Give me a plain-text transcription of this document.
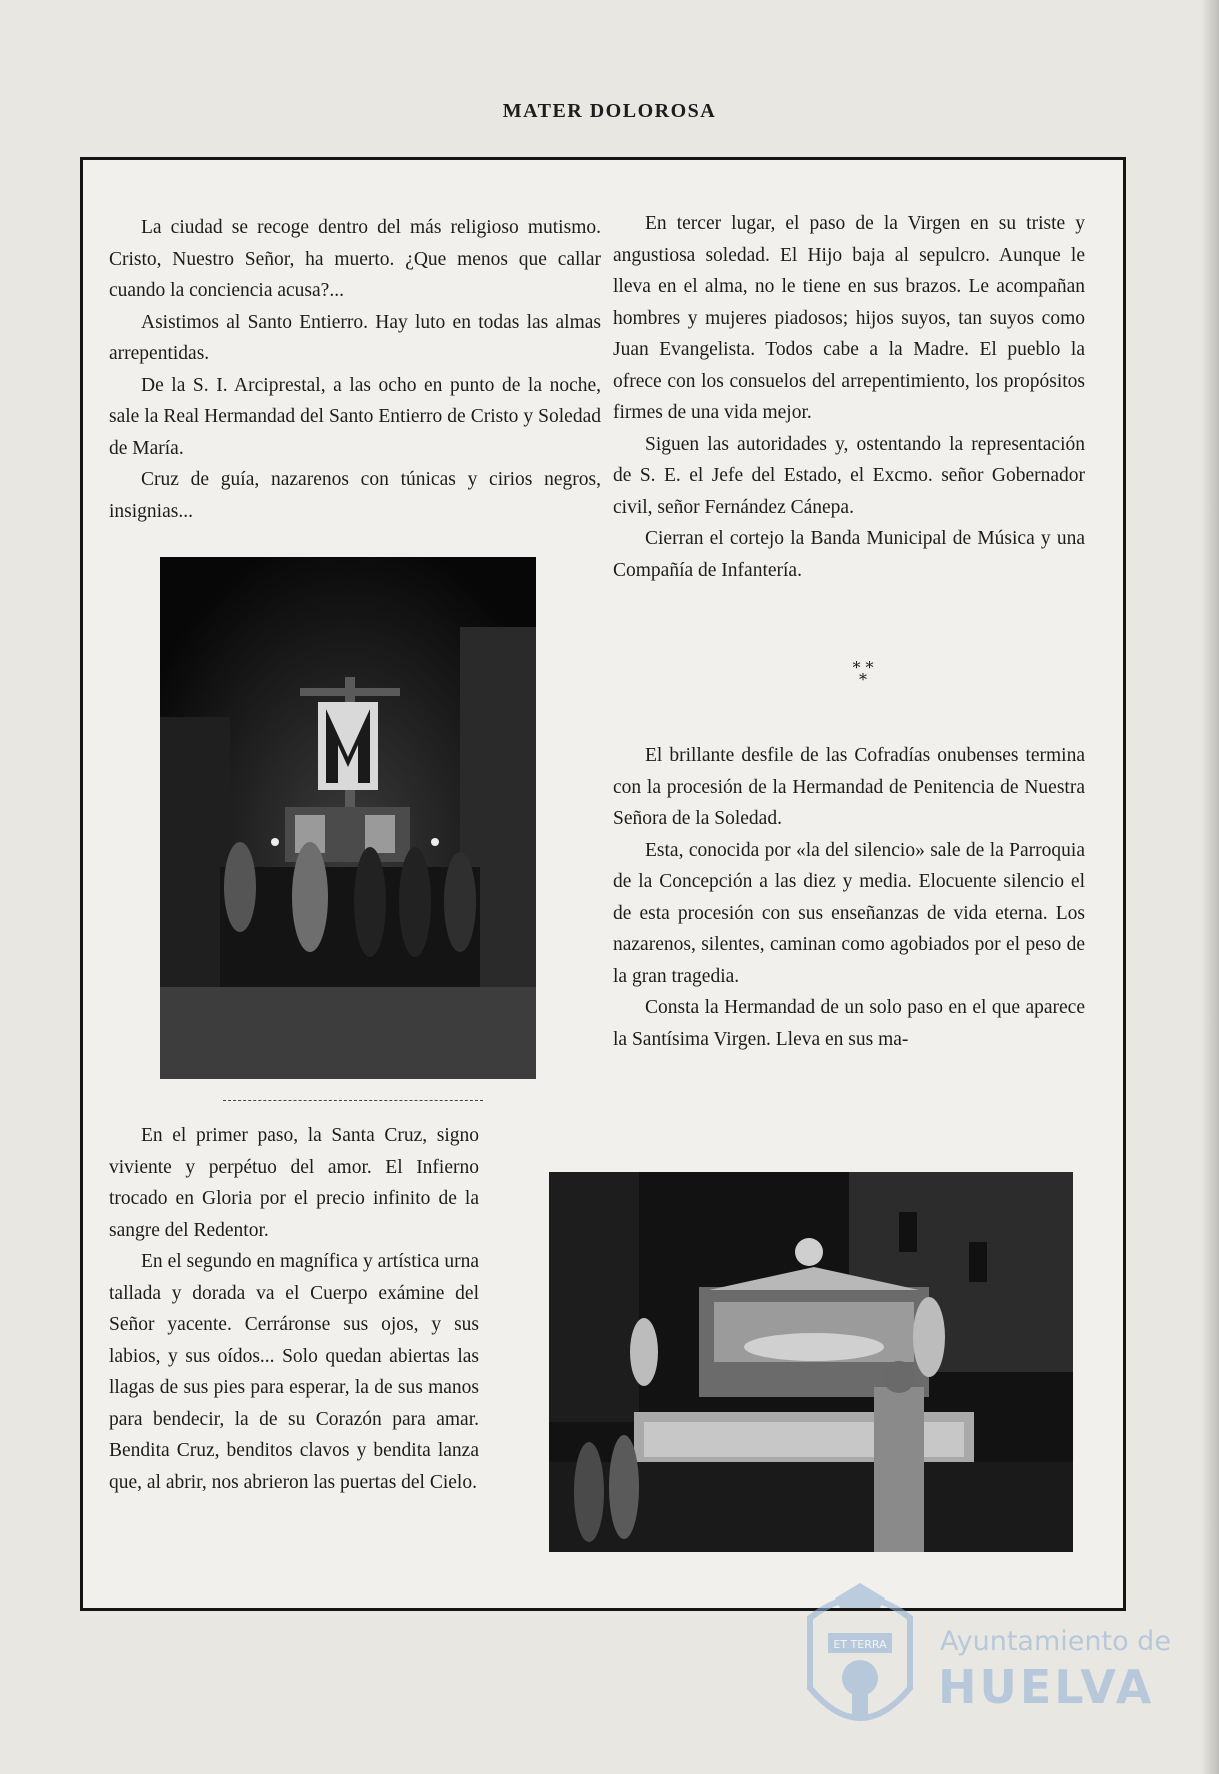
MATER DOLOROSA

La ciudad se recoge dentro del más religioso mutismo. Cristo, Nuestro Señor, ha muerto. ¿Que menos que callar cuando la conciencia acusa?...

Asistimos al Santo Entierro. Hay luto en todas las almas arrepentidas.

De la S. I. Arciprestal, a las ocho en punto de la noche, sale la Real Hermandad del Santo Entierro de Cristo y Soledad de María.

Cruz de guía, nazarenos con túnicas y cirios negros, insignias...

En el primer paso, la Santa Cruz, signo viviente y perpétuo del amor. El Infierno trocado en Gloria por el precio infinito de la sangre del Redentor.

En el segundo en magnífica y artística urna tallada y dorada va el Cuerpo exámine del Señor yacente. Cerráronse sus ojos, y sus labios, y sus oídos... Solo quedan abiertas las llagas de sus pies para esperar, la de sus manos para bendecir, la de su Corazón para amar. Bendita Cruz, benditos clavos y bendita lanza que, al abrir, nos abrieron las puertas del Cielo.

En tercer lugar, el paso de la Virgen en su triste y angustiosa soledad. El Hijo baja al sepulcro. Aunque le lleva en el alma, no le tiene en sus brazos. Le acompañan hombres y mujeres piadosos; hijos suyos, tan suyos como Juan Evangelista. Todos cabe a la Madre. El pueblo la ofrece con los consuelos del arrepentimiento, los propósitos firmes de una vida mejor.

Siguen las autoridades y, ostentando la representación de S. E. el Jefe del Estado, el Excmo. señor Gobernador civil, señor Fernández Cánepa.

Cierran el cortejo la Banda Municipal de Música y una Compañía de Infantería.

* *
*

El brillante desfile de las Cofradías onubenses termina con la procesión de la Hermandad de Penitencia de Nuestra Señora de la Soledad.

Esta, conocida por «la del silencio» sale de la Parroquia de la Concepción a las diez y media. Elocuente silencio el de esta procesión con sus enseñanzas de vida eterna. Los nazarenos, silentes, caminan como agobiados por el peso de la gran tragedia.

Consta la Hermandad de un solo paso en el que aparece la Santísima Virgen. Lleva en sus ma-

ET TERRA Ayuntamiento de
HUELVA
